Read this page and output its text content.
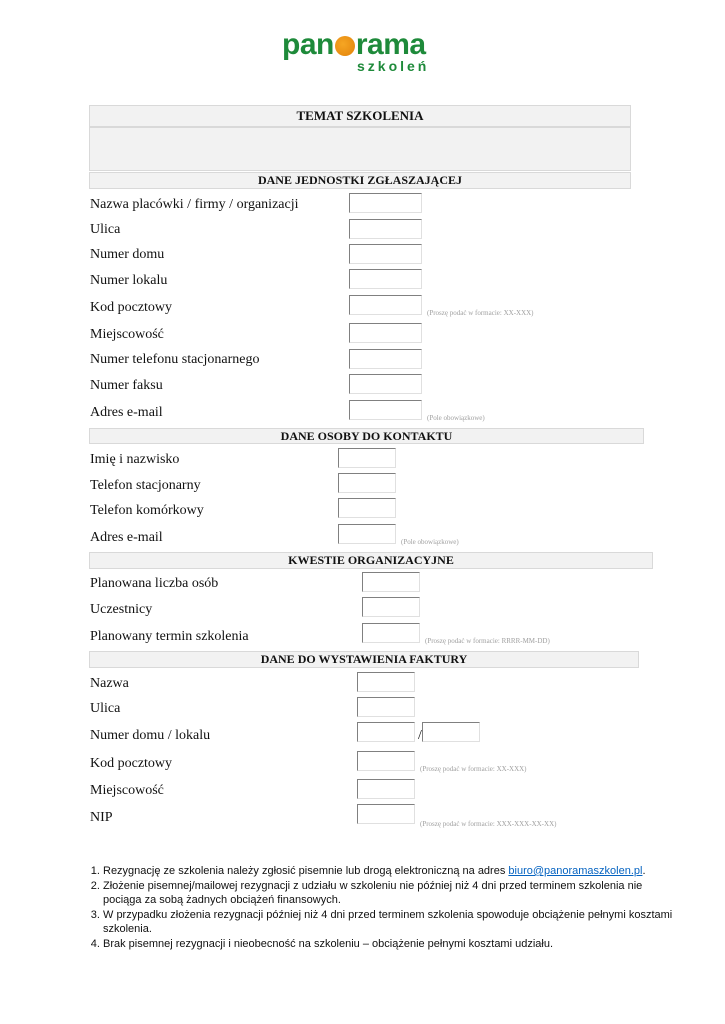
pan rama
szkoleń
TEMAT SZKOLENIA
DANE JEDNOSTKI ZGŁASZAJĄCEJ
Nazwa placówki / firmy / organizacji
Ulica
Numer domu
Numer lokalu
Kod pocztowy	(Proszę podać w formacie: XX-XXX)
Miejscowość
Numer telefonu stacjonarnego
Numer faksu
Adres e-mail	(Pole obowiązkowe)
DANE OSOBY DO KONTAKTU
Imię i nazwisko
Telefon stacjonarny
Telefon komórkowy
Adres e-mail	(Pole obowiązkowe)
KWESTIE ORGANIZACYJNE
Planowana liczba osób
Uczestnicy
Planowany termin szkolenia	(Proszę podać w formacie: RRRR-MM-DD)
DANE DO WYSTAWIENIA FAKTURY
Nazwa
Ulica
Numer domu / lokalu	/
Kod pocztowy	(Proszę podać w formacie: XX-XXX)
Miejscowość
NIP	(Proszę podać w formacie: XXX-XXX-XX-XX)
1. Rezygnację ze szkolenia należy zgłosić pisemnie lub drogą elektroniczną na adres biuro@panoramaszkolen.pl.
2. Złożenie pisemnej/mailowej rezygnacji z udziału w szkoleniu nie później niż 4 dni przed terminem szkolenia nie pociąga za sobą żadnych obciążeń finansowych.
3. W przypadku złożenia rezygnacji później niż 4 dni przed terminem szkolenia spowoduje obciążenie pełnymi kosztami szkolenia.
4. Brak pisemnej rezygnacji i nieobecność na szkoleniu – obciążenie pełnymi kosztami udziału.
